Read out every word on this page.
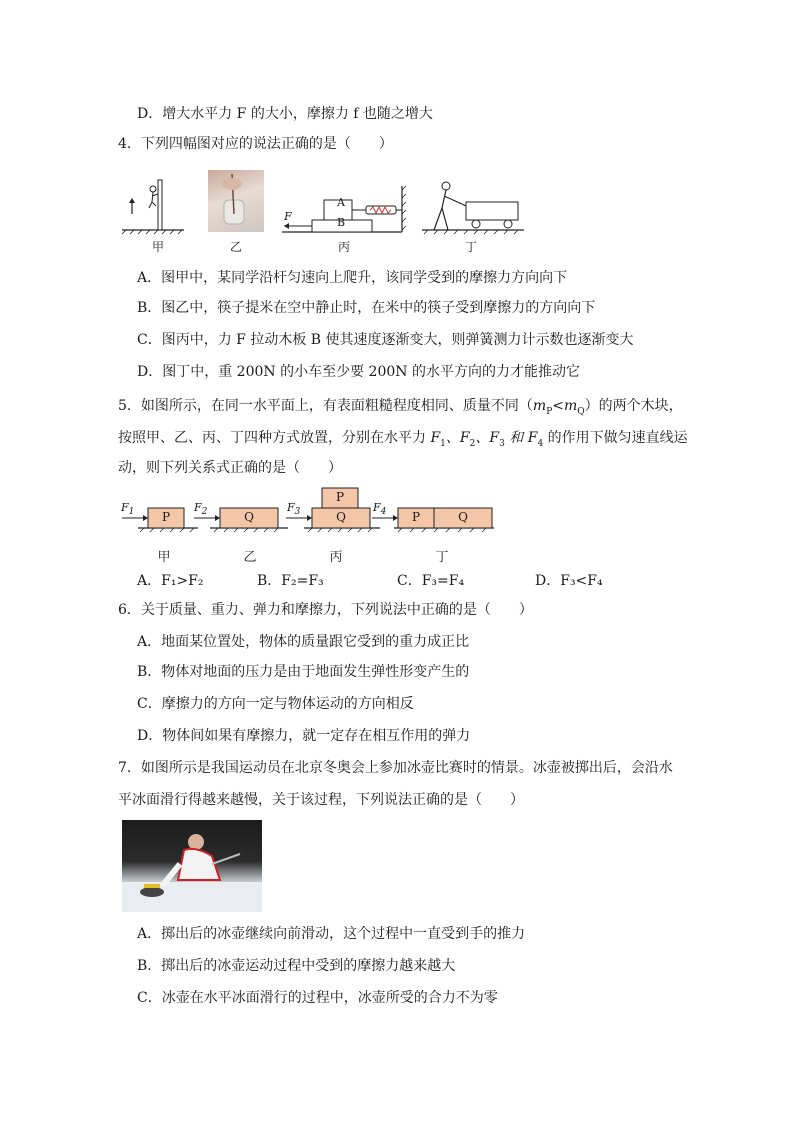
D．增大水平力 F 的大小，摩擦力 f 也随之增大
4．下列四幅图对应的说法正确的是（　　）
甲	乙
A
B
F
丙	丁
A．图甲中，某同学沿杆匀速向上爬升，该同学受到的摩擦力方向向下
B．图乙中，筷子提米在空中静止时，在米中的筷子受到摩擦力的方向向下
C．图丙中，力 F 拉动木板 B 使其速度逐渐变大，则弹簧测力计示数也逐渐变大
D．图丁中，重 200N 的小车至少要 200N 的水平方向的力才能推动它
5．如图所示，在同一水平面上，有表面粗糙程度相同、质量不同$(m_P<m_Q)$的两个木块，
按照甲、乙、丙、丁四种方式放置，分别在水平力 $F_1$、$F_2$、$F_3$ 和 $F_4$ 的作用下做匀速直线运
动，则下列关系式正确的是（　　）
$F_1$	$F_2$	$F_3$	$F_4$
P	Q
P
Q	P	Q
甲	乙	丙	丁
A．F₁>F₂	B．F₂=F₃	C．F₃=F₄	D．F₃<F₄
6．关于质量、重力、弹力和摩擦力，下列说法中正确的是（　　）
A．地面某位置处，物体的质量跟它受到的重力成正比
B．物体对地面的压力是由于地面发生弹性形变产生的
C．摩擦力的方向一定与物体运动的方向相反
D．物体间如果有摩擦力，就一定存在相互作用的弹力
7．如图所示是我国运动员在北京冬奥会上参加冰壶比赛时的情景。冰壶被掷出后，会沿水
平冰面滑行得越来越慢，关于该过程，下列说法正确的是（　　）
A．掷出后的冰壶继续向前滑动，这个过程中一直受到手的推力
B．掷出后的冰壶运动过程中受到的摩擦力越来越大
C．冰壶在水平冰面滑行的过程中，冰壶所受的合力不为零
